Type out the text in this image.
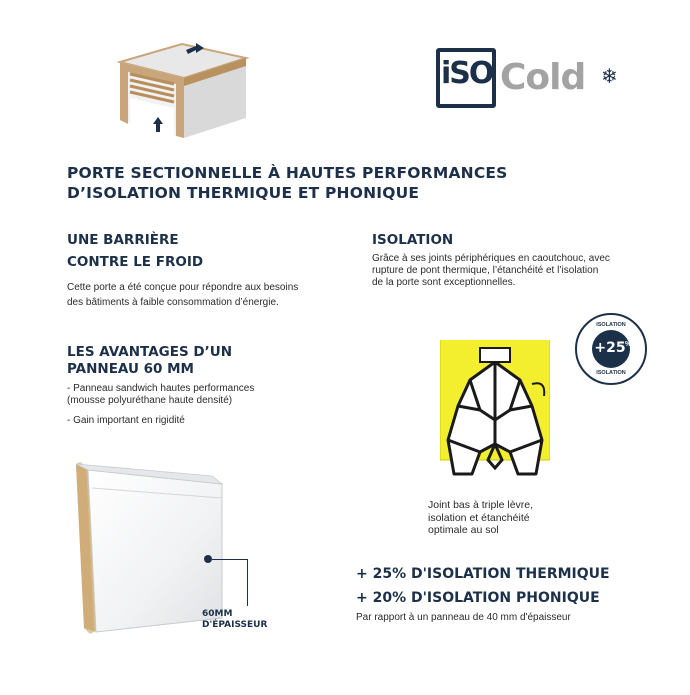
iSO Cold ❄
PORTE SECTIONNELLE À HAUTES PERFORMANCES
D’ISOLATION THERMIQUE ET PHONIQUE
UNE BARRIÈRE
CONTRE LE FROID
Cette porte a été conçue pour répondre aux besoins
des bâtiments à faible consommation d’énergie.
ISOLATION
Grâce à ses joints périphériques en caoutchouc, avec
rupture de pont thermique, l’étanchéité et l’isolation
de la porte sont exceptionnelles.
ISOLATION
+25 %
ISOLATION
LES AVANTAGES D’UN
PANNEAU 60 MM
- Panneau sandwich hautes performances
(mousse polyuréthane haute densité)
- Gain important en rigidité
Joint bas à triple lèvre,
isolation et étanchéité
optimale au sol
60MM
D'ÉPAISSEUR
+ 25% D'ISOLATION THERMIQUE
+ 20% D'ISOLATION PHONIQUE
Par rapport à un panneau de 40 mm d'épaisseur
